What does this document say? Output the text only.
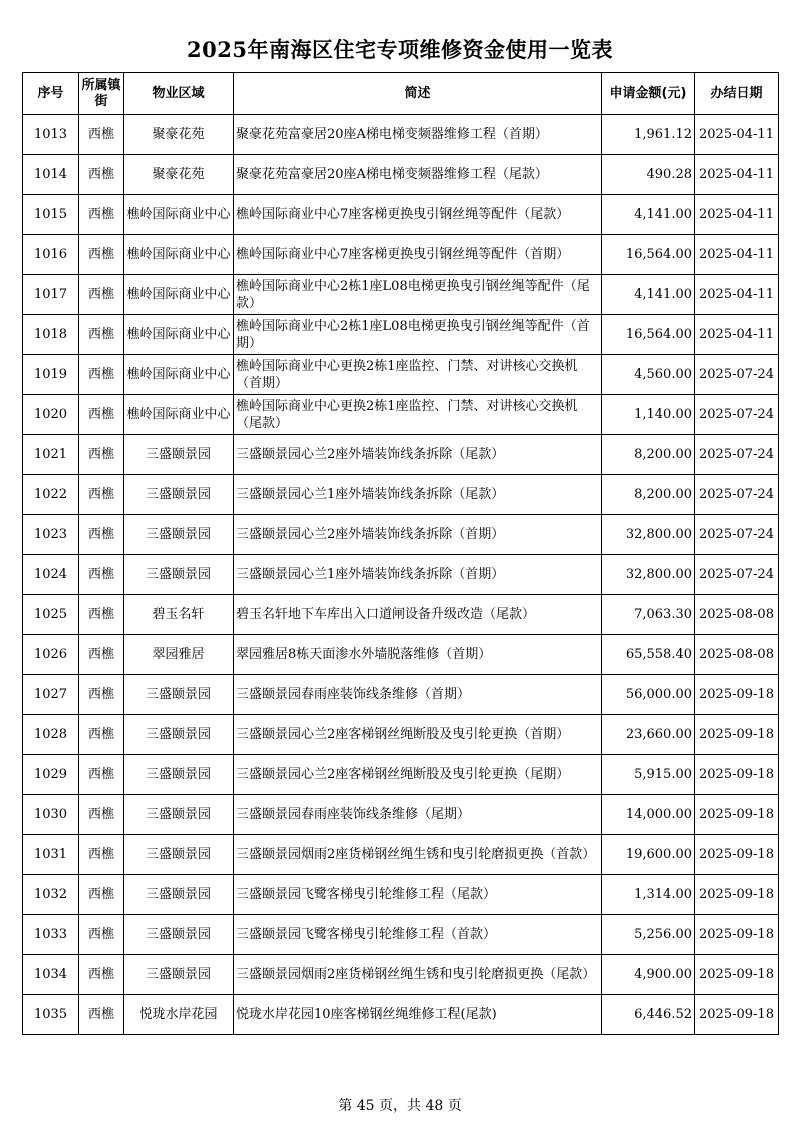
2025年南海区住宅专项维修资金使用一览表
序号	所属镇街	物业区域	简述	申请金额(元)	办结日期
1013	西樵	聚豪花苑	聚豪花苑富豪居20座A梯电梯变频器维修工程（首期）	1,961.12	2025-04-11
1014	西樵	聚豪花苑	聚豪花苑富豪居20座A梯电梯变频器维修工程（尾款）	490.28	2025-04-11
1015	西樵	樵岭国际商业中心	樵岭国际商业中心7座客梯更换曳引钢丝绳等配件（尾款）	4,141.00	2025-04-11
1016	西樵	樵岭国际商业中心	樵岭国际商业中心7座客梯更换曳引钢丝绳等配件（首期）	16,564.00	2025-04-11
1017	西樵	樵岭国际商业中心	樵岭国际商业中心2栋1座L08电梯更换曳引钢丝绳等配件（尾款）	4,141.00	2025-04-11
1018	西樵	樵岭国际商业中心	樵岭国际商业中心2栋1座L08电梯更换曳引钢丝绳等配件（首期）	16,564.00	2025-04-11
1019	西樵	樵岭国际商业中心	樵岭国际商业中心更换2栋1座监控、门禁、对讲核心交换机（首期）	4,560.00	2025-07-24
1020	西樵	樵岭国际商业中心	樵岭国际商业中心更换2栋1座监控、门禁、对讲核心交换机（尾款）	1,140.00	2025-07-24
1021	西樵	三盛颐景园	三盛颐景园心兰2座外墙装饰线条拆除（尾款）	8,200.00	2025-07-24
1022	西樵	三盛颐景园	三盛颐景园心兰1座外墙装饰线条拆除（尾款）	8,200.00	2025-07-24
1023	西樵	三盛颐景园	三盛颐景园心兰2座外墙装饰线条拆除（首期）	32,800.00	2025-07-24
1024	西樵	三盛颐景园	三盛颐景园心兰1座外墙装饰线条拆除（首期）	32,800.00	2025-07-24
1025	西樵	碧玉名轩	碧玉名轩地下车库出入口道闸设备升级改造（尾款）	7,063.30	2025-08-08
1026	西樵	翠园雅居	翠园雅居8栋天面渗水外墙脱落维修（首期）	65,558.40	2025-08-08
1027	西樵	三盛颐景园	三盛颐景园春雨座装饰线条维修（首期）	56,000.00	2025-09-18
1028	西樵	三盛颐景园	三盛颐景园心兰2座客梯钢丝绳断股及曳引轮更换（首期）	23,660.00	2025-09-18
1029	西樵	三盛颐景园	三盛颐景园心兰2座客梯钢丝绳断股及曳引轮更换（尾期）	5,915.00	2025-09-18
1030	西樵	三盛颐景园	三盛颐景园春雨座装饰线条维修（尾期）	14,000.00	2025-09-18
1031	西樵	三盛颐景园	三盛颐景园烟雨2座货梯钢丝绳生锈和曳引轮磨损更换（首款）	19,600.00	2025-09-18
1032	西樵	三盛颐景园	三盛颐景园飞鹭客梯曳引轮维修工程（尾款）	1,314.00	2025-09-18
1033	西樵	三盛颐景园	三盛颐景园飞鹭客梯曳引轮维修工程（首款）	5,256.00	2025-09-18
1034	西樵	三盛颐景园	三盛颐景园烟雨2座货梯钢丝绳生锈和曳引轮磨损更换（尾款）	4,900.00	2025-09-18
1035	西樵	悦珑水岸花园	悦珑水岸花园10座客梯钢丝绳维修工程(尾款)	6,446.52	2025-09-18
第 45 页，共 48 页
